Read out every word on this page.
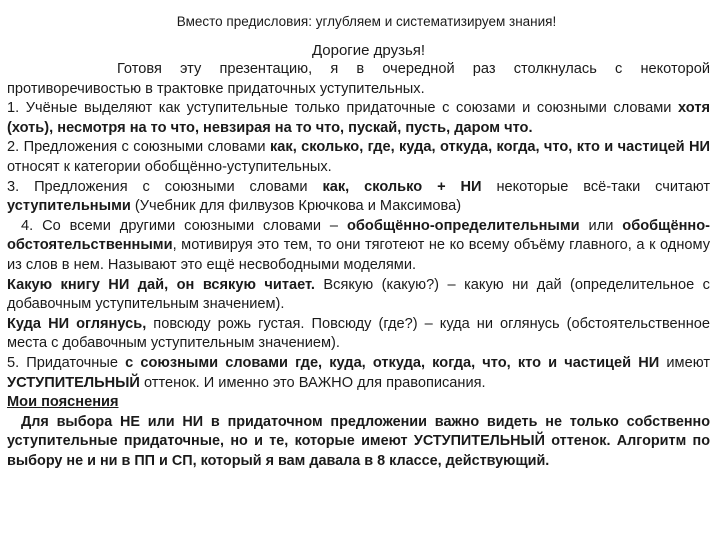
Вместо предисловия: углубляем и систематизируем знания!
Дорогие друзья!

Готовя эту презентацию, я в очередной раз столкнулась с некоторой противоречивостью в трактовке придаточных уступительных.

1. Учёные выделяют как уступительные только придаточные с союзами и союзными словами хотя (хоть), несмотря на то что, невзирая на то что, пускай, пусть, даром что.

2. Предложения с союзными словами как, сколько, где, куда, откуда, когда, что, кто и частицей НИ относят к категории обобщённо-уступительных.

3. Предложения с союзными словами как, сколько + НИ некоторые всё-таки считают уступительными (Учебник для филвузов Крючкова и Максимова)

4. Со всеми другими союзными словами – обобщённо-определительными или обобщённо-обстоятельственными, мотивируя это тем, то они тяготеют не ко всему объёму главного, а к одному из слов в нем. Называют это ещё несвободными моделями.

Какую книгу НИ дай, он всякую читает. Всякую (какую?) – какую ни дай (определительное с добавочным уступительным значением).

Куда НИ оглянусь, повсюду рожь густая. Повсюду (где?) – куда ни оглянусь (обстоятельственное места с добавочным уступительным значением).

5. Придаточные с союзными словами где, куда, откуда, когда, что, кто и частицей НИ имеют УСТУПИТЕЛЬНЫЙ оттенок. И именно это ВАЖНО для правописания.

Мои пояснения

Для выбора НЕ или НИ в придаточном предложении важно видеть не только собственно уступительные придаточные, но и те, которые имеют УСТУПИТЕЛЬНЫЙ оттенок. Алгоритм по выбору не и ни в ПП и СП, который я вам давала в 8 классе, действующий.
